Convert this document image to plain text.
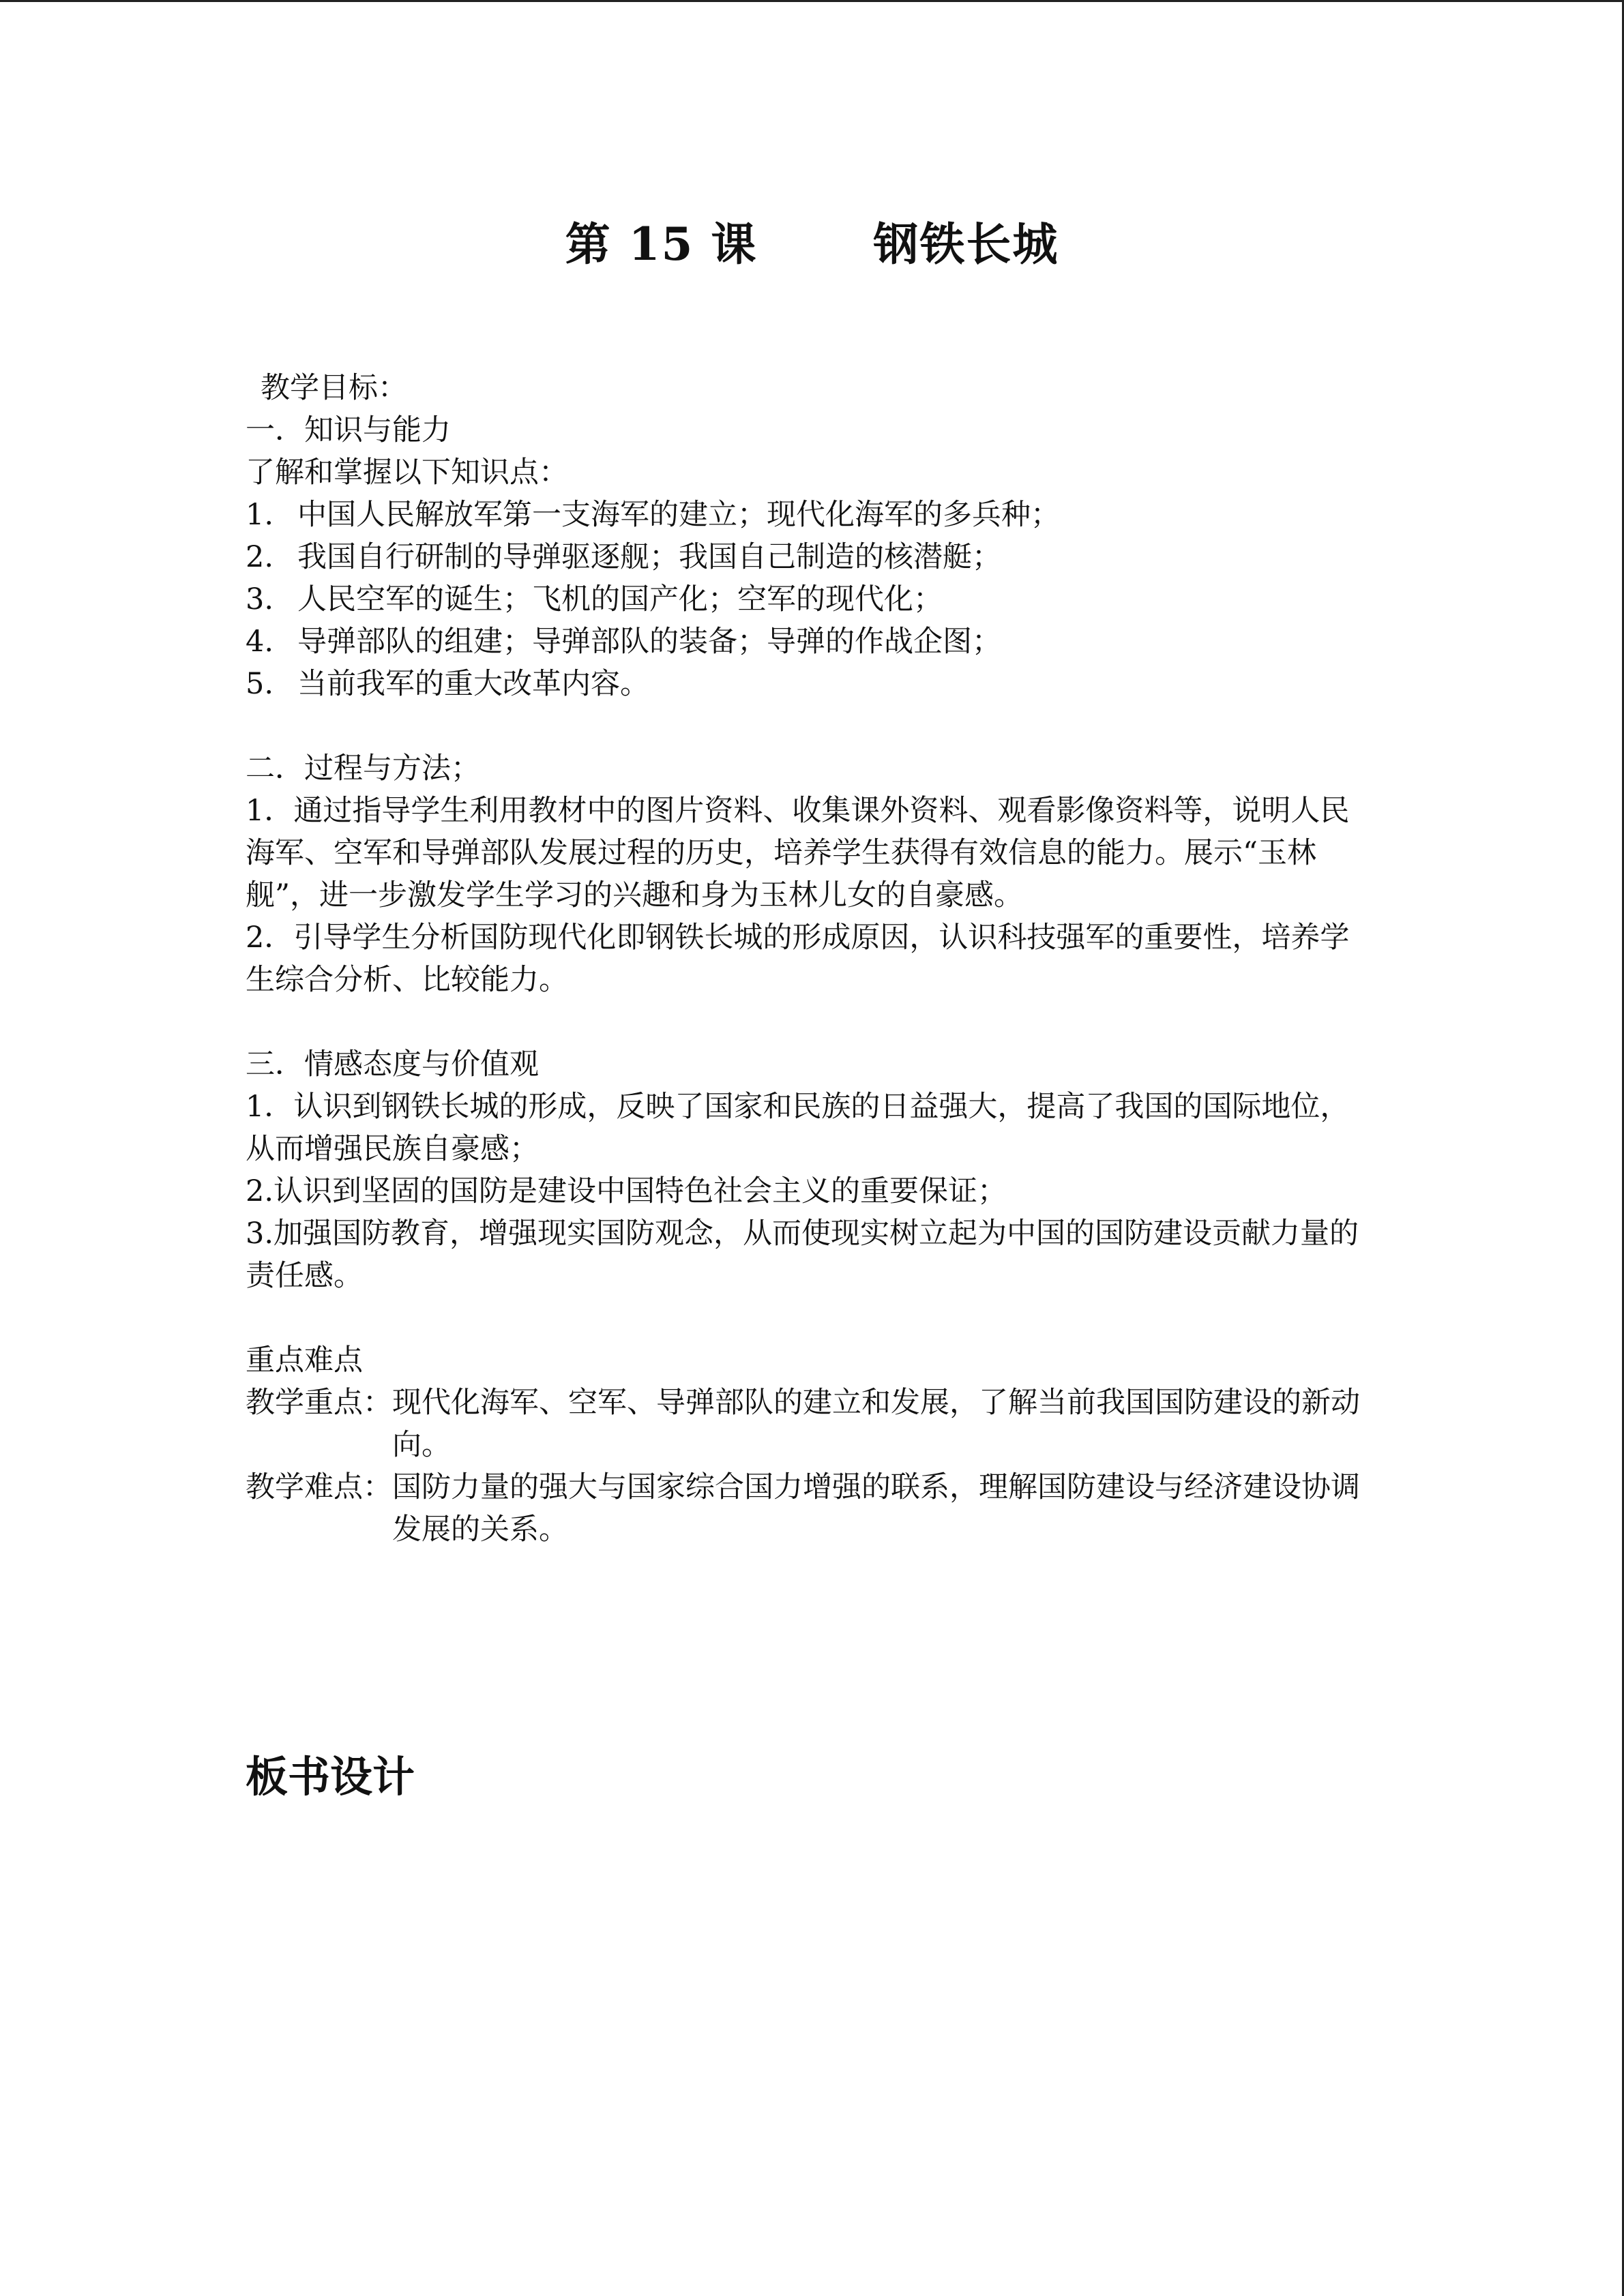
第 15 课	钢铁长城
教学目标：
一．知识与能力
了解和掌握以下知识点：
1. 中国人民解放军第一支海军的建立；现代化海军的多兵种；
2. 我国自行研制的导弹驱逐舰；我国自己制造的核潜艇；
3. 人民空军的诞生；飞机的国产化；空军的现代化；
4. 导弹部队的组建；导弹部队的装备；导弹的作战企图；
5. 当前我军的重大改革内容。
二．过程与方法；
1．通过指导学生利用教材中的图片资料、收集课外资料、观看影像资料等，说明人民海军、空军和导弹部队发展过程的历史，培养学生获得有效信息的能力。展示“玉林舰”，进一步激发学生学习的兴趣和身为玉林儿女的自豪感。
2．引导学生分析国防现代化即钢铁长城的形成原因，认识科技强军的重要性，培养学生综合分析、比较能力。
三．情感态度与价值观
1．认识到钢铁长城的形成，反映了国家和民族的日益强大，提高了我国的国际地位，从而增强民族自豪感；
2.认识到坚固的国防是建设中国特色社会主义的重要保证；
3.加强国防教育，增强现实国防观念，从而使现实树立起为中国的国防建设贡献力量的责任感。
重点难点
教学重点： 现代化海军、空军、导弹部队的建立和发展，了解当前我国国防建设的新动向。
教学难点： 国防力量的强大与国家综合国力增强的联系，理解国防建设与经济建设协调发展的关系。
板书设计
